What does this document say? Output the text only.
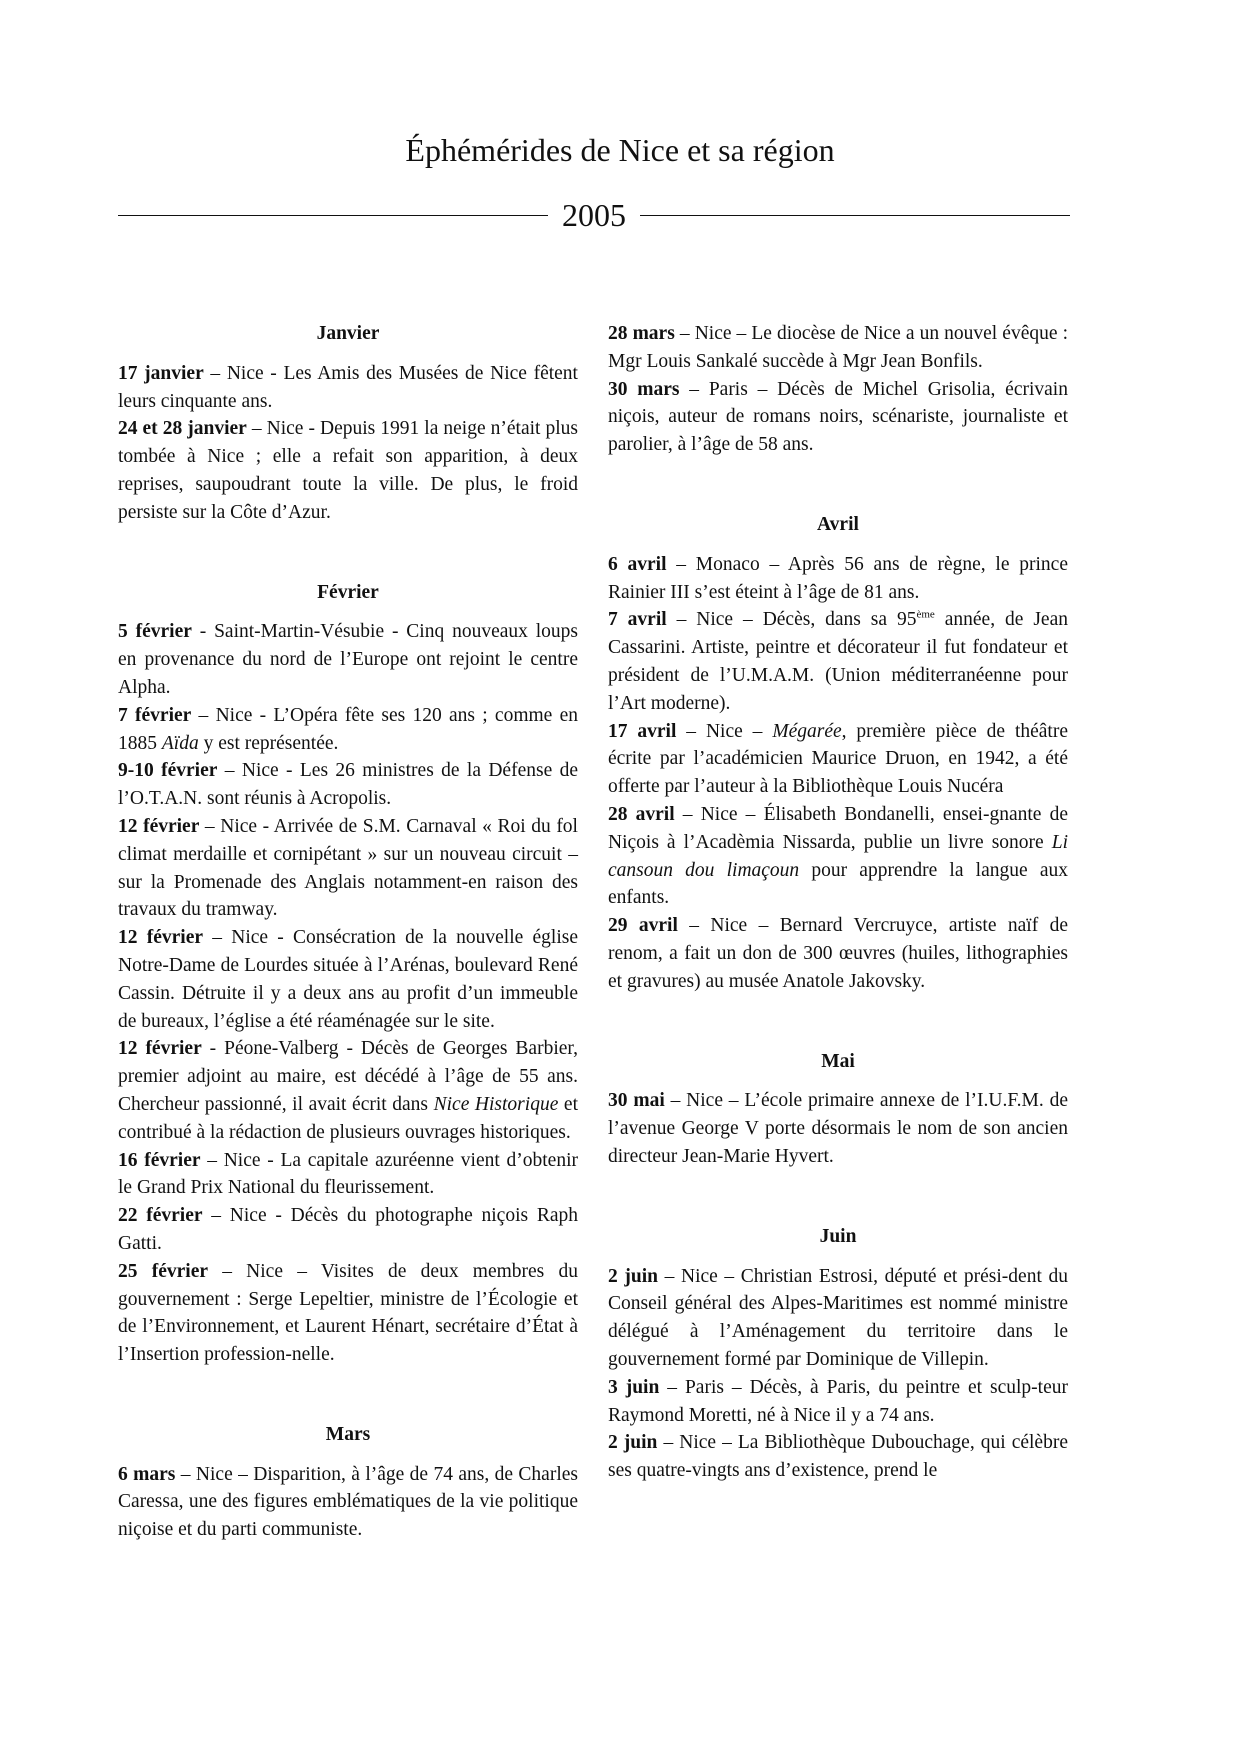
Éphémérides de Nice et sa région
2005
Janvier

17 janvier – Nice - Les Amis des Musées de Nice fêtent leurs cinquante ans.

24 et 28 janvier – Nice - Depuis 1991 la neige n’était plus tombée à Nice ; elle a refait son apparition, à deux reprises, saupoudrant toute la ville. De plus, le froid persiste sur la Côte d’Azur.

Février

5 février - Saint-Martin-Vésubie - Cinq nouveaux loups en provenance du nord de l’Europe ont rejoint le centre Alpha.

7 février – Nice - L’Opéra fête ses 120 ans ; comme en 1885 Aïda y est représentée.

9-10 février – Nice - Les 26 ministres de la Défense de l’O.T.A.N. sont réunis à Acropolis.

12 février – Nice - Arrivée de S.M. Carnaval « Roi du fol climat merdaille et cornipétant » sur un nouveau circuit –sur la Promenade des Anglais notamment-en raison des travaux du tramway.

12 février – Nice - Consécration de la nouvelle église Notre-Dame de Lourdes située à l’Arénas, boulevard René Cassin. Détruite il y a deux ans au profit d’un immeuble de bureaux, l’église a été réaménagée sur le site.

12 février - Péone-Valberg - Décès de Georges Barbier, premier adjoint au maire, est décédé à l’âge de 55 ans. Chercheur passionné, il avait écrit dans Nice Historique et contribué à la rédaction de plusieurs ouvrages historiques.

16 février – Nice - La capitale azuréenne vient d’obtenir le Grand Prix National du fleurissement.

22 février – Nice - Décès du photographe niçois Raph Gatti.

25 février – Nice – Visites de deux membres du gouvernement : Serge Lepeltier, ministre de l’Écologie et de l’Environnement, et Laurent Hénart, secrétaire d’État à l’Insertion profession-nelle.

Mars

6 mars – Nice – Disparition, à l’âge de 74 ans, de Charles Caressa, une des figures emblématiques de la vie politique niçoise et du parti communiste.

28 mars – Nice – Le diocèse de Nice a un nouvel évêque : Mgr Louis Sankalé succède à Mgr Jean Bonfils.

30 mars – Paris – Décès de Michel Grisolia, écrivain niçois, auteur de romans noirs, scénariste, journaliste et parolier, à l’âge de 58 ans.

Avril

6 avril – Monaco – Après 56 ans de règne, le prince Rainier III s’est éteint à l’âge de 81 ans.

7 avril – Nice – Décès, dans sa 95ème année, de Jean Cassarini. Artiste, peintre et décorateur il fut fondateur et président de l’U.M.A.M. (Union méditerranéenne pour l’Art moderne).

17 avril – Nice – Mégarée, première pièce de théâtre écrite par l’académicien Maurice Druon, en 1942, a été offerte par l’auteur à la Bibliothèque Louis Nucéra

28 avril – Nice – Élisabeth Bondanelli, ensei-gnante de Niçois à l’Acadèmia Nissarda, publie un livre sonore Li cansoun dou limaçoun pour apprendre la langue aux enfants.

29 avril – Nice – Bernard Vercruyce, artiste naïf de renom, a fait un don de 300 œuvres (huiles, lithographies et gravures) au musée Anatole Jakovsky.

Mai

30 mai – Nice – L’école primaire annexe de l’I.U.F.M. de l’avenue George V porte désormais le nom de son ancien directeur Jean-Marie Hyvert.

Juin

2 juin – Nice – Christian Estrosi, député et prési-dent du Conseil général des Alpes-Maritimes est nommé ministre délégué à l’Aménagement du territoire dans le gouvernement formé par Dominique de Villepin.

3 juin – Paris – Décès, à Paris, du peintre et sculp-teur Raymond Moretti, né à Nice il y a 74 ans.

2 juin – Nice – La Bibliothèque Dubouchage, qui célèbre ses quatre-vingts ans d’existence, prend le
